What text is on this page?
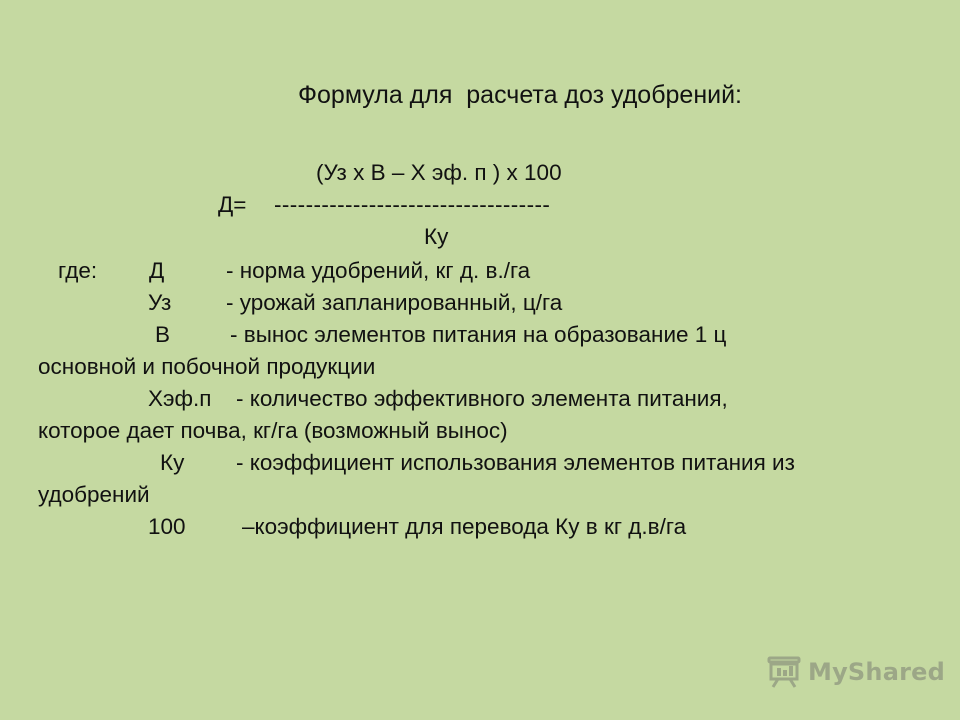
Формула для  расчета доз удобрений:
(Уз х В – Х эф. п ) х 100
Д= -----------------------------------
Ку
где: Д	- норма удобрений, кг д. в./га
Уз - урожай запланированный, ц/га
В	- вынос элементов питания на образование 1 ц
основной и побочной продукции
Хэф.п - количество эффективного элемента питания,
которое дает почва, кг/га (возможный вынос)
Ку - коэффициент использования элементов питания из
удобрений
100	–коэффициент для перевода Ку в кг д.в/га
MyShared
